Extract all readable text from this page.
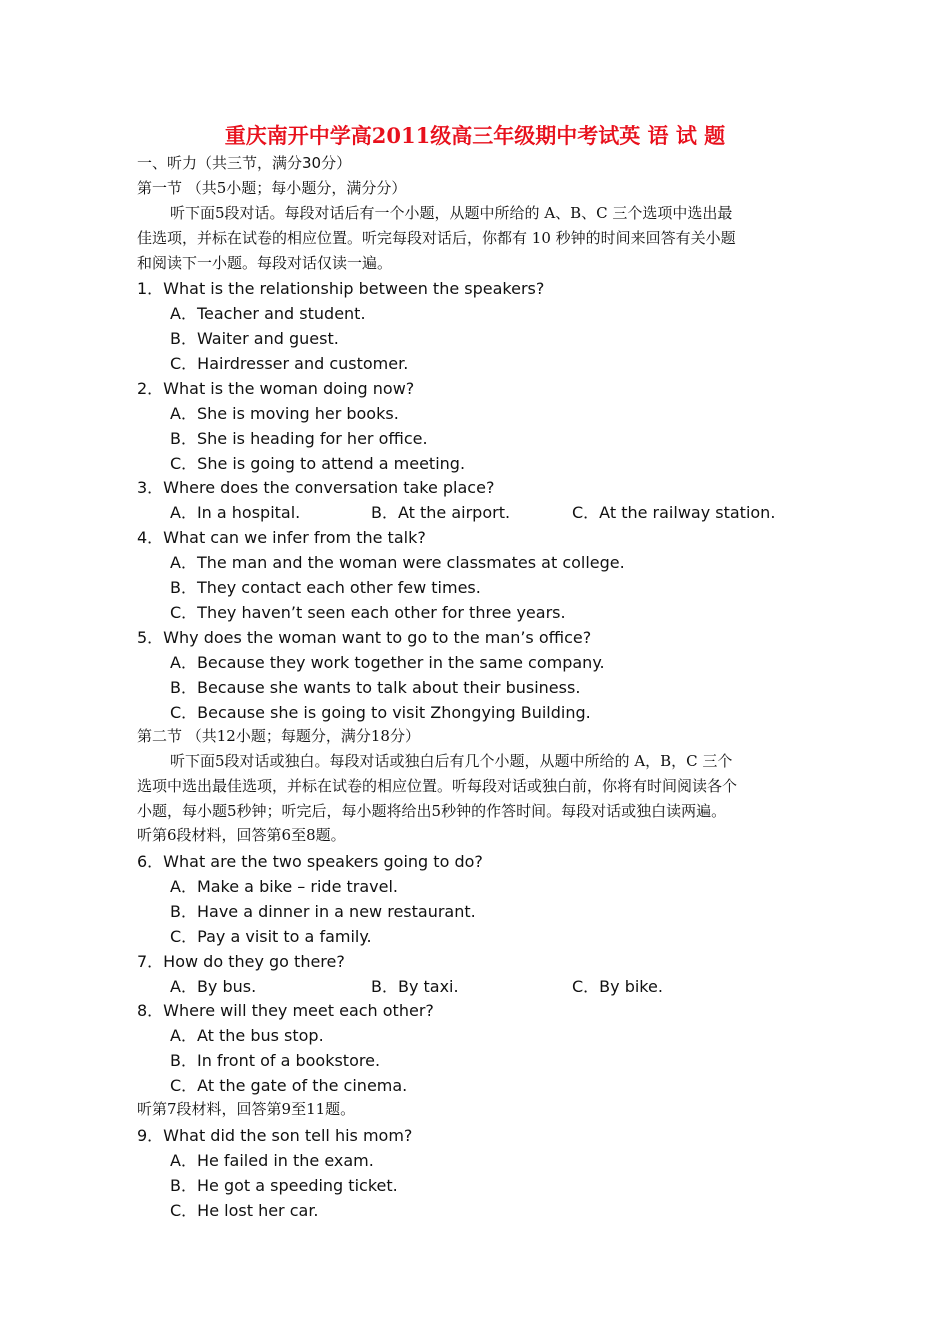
重庆南开中学高2011级高三年级期中考试英 语 试 题
一、听力（共三节，满分30分）
第一节 （共5小题；每小题分，满分分）
听下面5段对话。每段对话后有一个小题，从题中所给的 A、B、C 三个选项中选出最
佳选项，并标在试卷的相应位置。听完每段对话后，你都有 10 秒钟的时间来回答有关小题
和阅读下一小题。每段对话仅读一遍。
1．What is the relationship between the speakers?
A．Teacher and student.
B．Waiter and guest.
C．Hairdresser and customer.
2．What is the woman doing now?
A．She is moving her books.
B．She is heading for her office.
C．She is going to attend a meeting.
3．Where does the conversation take place?
A．In a hospital.	B．At the airport.	C．At the railway station.
4．What can we infer from the talk?
A．The man and the woman were classmates at college.
B．They contact each other few times.
C．They haven’t seen each other for three years.
5．Why does the woman want to go to the man’s office?
A．Because they work together in the same company.
B．Because she wants to talk about their business.
C．Because she is going to visit Zhongying Building.
第二节 （共12小题；每题分，满分18分）
听下面5段对话或独白。每段对话或独白后有几个小题，从题中所给的 A，B，C 三个
选项中选出最佳选项，并标在试卷的相应位置。听每段对话或独白前，你将有时间阅读各个
小题，每小题5秒钟；听完后，每小题将给出5秒钟的作答时间。每段对话或独白读两遍。
听第6段材料，回答第6至8题。
6．What are the two speakers going to do?
A．Make a bike – ride travel.
B．Have a dinner in a new restaurant.
C．Pay a visit to a family.
7．How do they go there?
A．By bus.	B．By taxi.	C．By bike.
8．Where will they meet each other?
A．At the bus stop.
B．In front of a bookstore.
C．At the gate of the cinema.
听第7段材料，回答第9至11题。
9．What did the son tell his mom?
A．He failed in the exam.
B．He got a speeding ticket.
C．He lost her car.
